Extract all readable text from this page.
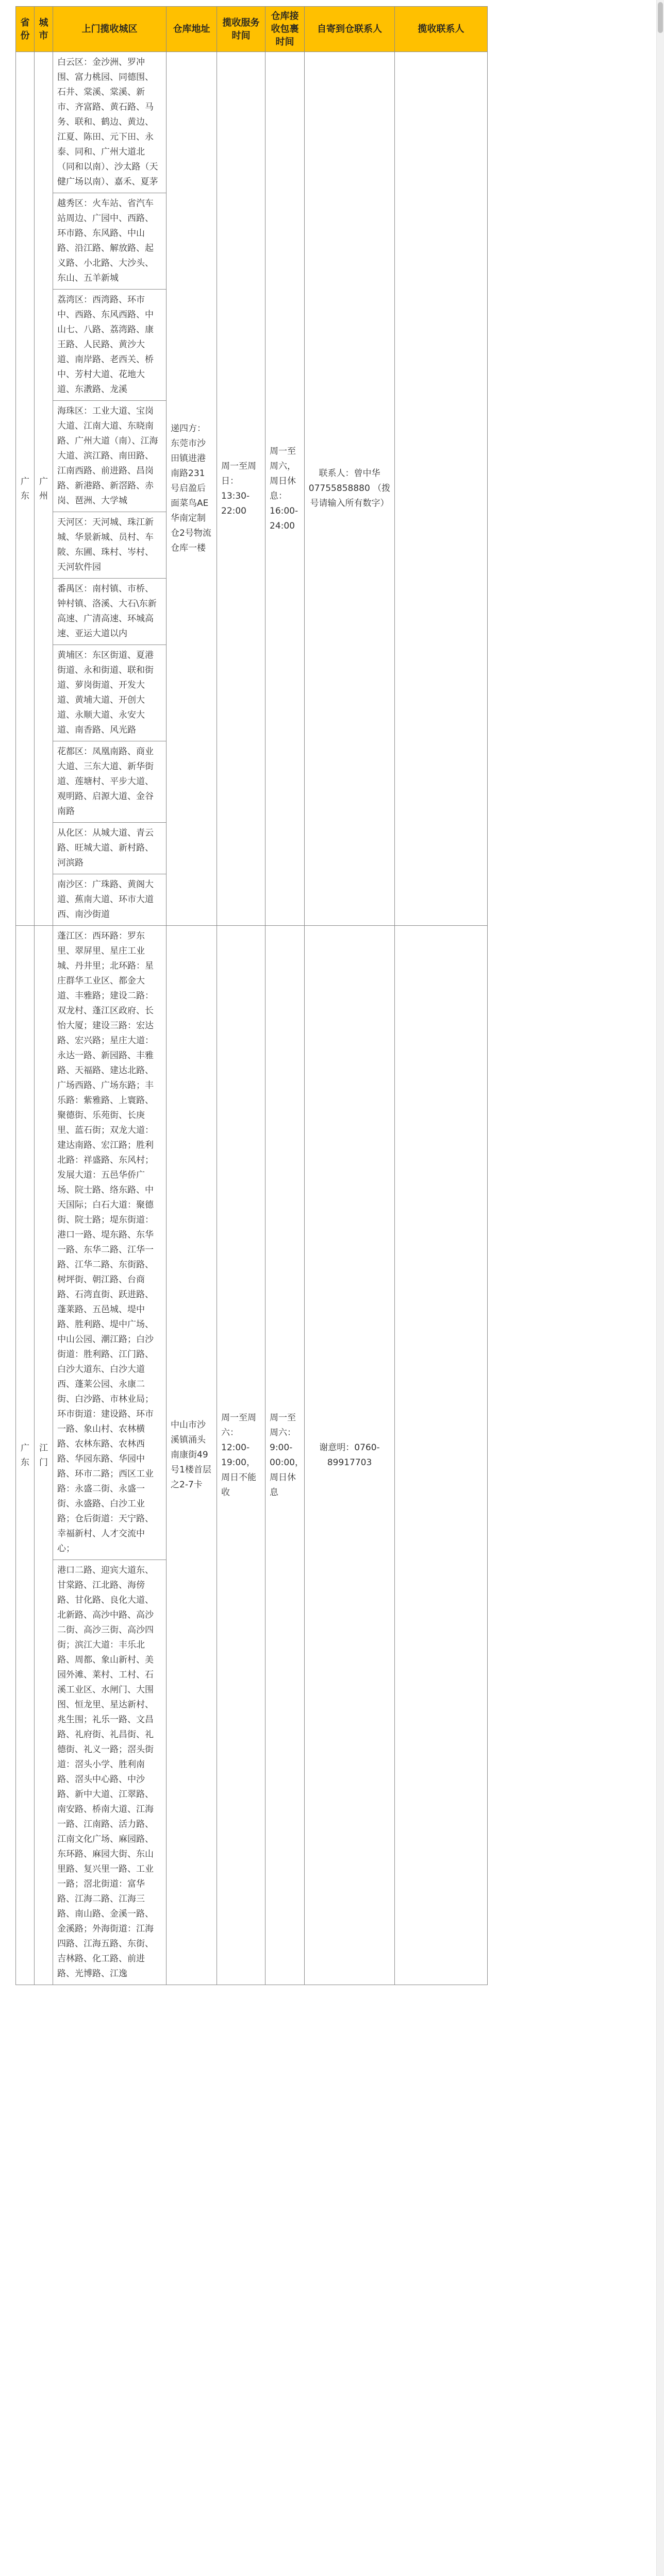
省份	城市	上门揽收城区	仓库地址	揽收服务时间	仓库接收包裹时间	自寄到仓联系人	揽收联系人
广东	广州	
白云区：金沙洲、罗冲围、富力桃园、同德围、石井、棠溪、棠溪、新市、齐富路、黄石路、马务、联和、鹤边、黄边、江夏、陈田、元下田、永泰、同和、广州大道北（同和以南）、沙太路（天健广场以南）、嘉禾、夏茅
越秀区：火车站、省汽车站周边、广园中、西路、环市路、东风路、中山路、沿江路、解放路、起义路、小北路、大沙头、东山、五羊新城
荔湾区：西湾路、环市中、西路、东风西路、中山七、八路、荔湾路、康王路、人民路、黄沙大道、南岸路、老西关、桥中、芳村大道、花地大道、东漖路、龙溪
海珠区：工业大道、宝岗大道、江南大道、东晓南路、广州大道（南）、江海大道、滨江路、南田路、江南西路、前进路、昌岗路、新港路、新滘路、赤岗、琶洲、大学城
天河区：天河城、珠江新城、华景新城、员村、车陂、东圃、珠村、岑村、天河软件园
番禺区：南村镇、市桥、钟村镇、洛溪、大石\东新高速、广清高速、环城高速、亚运大道以内
黄埔区：东区街道、夏港街道、永和街道、联和街道、萝岗街道、开发大道、黄埔大道、开创大道、永顺大道、永安大道、南香路、风光路
花都区：凤凰南路、商业大道、三东大道、新华街道、莲塘村、平步大道、观明路、启源大道、金谷南路
从化区：从城大道、青云路、旺城大道、新村路、河滨路
南沙区：广珠路、黄阁大道、蕉南大道、环市大道西、南沙街道
	递四方：东莞市沙田镇进港南路231号启盈后面菜鸟AE华南定制仓2号物流仓库一楼	周一至周日：13:30-22:00	周一至周六，周日休息：16:00-24:00	联系人：曾中华 07755858880 （拨号请输入所有数字）	
广东	江门	
蓬江区：西环路：罗东里、翠屏里、星庄工业城、丹井里；北环路：星庄群华工业区、都金大道、丰雅路；建设二路：双龙村、蓬江区政府、长怡大厦；建设三路：宏达路、宏兴路；星庄大道：永达一路、新园路、丰雅路、天福路、建达北路、广场西路、广场东路；丰乐路：紫雅路、上寰路、聚德街、乐苑街、长庚里、蓝石街；双龙大道：建达南路、宏江路；胜利北路：祥盛路、东风村；发展大道：五邑华侨广场、院士路、络东路、中天国际；白石大道：聚德街、院士路；堤东街道：港口一路、堤东路、东华一路、东华二路、江华一路、江华二路、东街路、树坪街、朝江路、台商路、石湾直街、跃进路、蓬莱路、五邑城、堤中路、胜利路、堤中广场、中山公园、潮江路；白沙街道：胜利路、江门路、白沙大道东、白沙大道西、蓬莱公园、永康二街、白沙路、市林业局；环市街道：建设路、环市一路、象山村、农林横路、农林东路、农林西路、华园东路、华园中路、环市二路；西区工业路：永盛二街、永盛一街、永盛路、白沙工业路；仓后街道：天宁路、幸福新村、人才交流中心；
港口二路、迎宾大道东、甘棠路、江北路、海傍路、甘化路、良化大道、北新路、高沙中路、高沙二街、高沙三街、高沙四街；滨江大道：丰乐北路、周都、象山新村、美园外滩、莱村、工村、石溪工业区、水闸门、大围图、恒龙里、星达新村、兆生围；礼乐一路、文昌路、礼府街、礼昌街、礼德街、礼义一路；滘头街道：滘头小学、胜利南路、滘头中心路、中沙路、新中大道、江翠路、南安路、桥南大道、江海一路、江南路、活力路、江南文化广场、麻园路、东环路、麻园大街、东山里路、复兴里一路、工业一路；滘北街道：富华路、江海二路、江海三路、南山路、金溪一路、金溪路；外海街道：江海四路、江海五路、东街、吉林路、化工路、前进路、光博路、江逸
	中山市沙溪镇涌头南康街49号1楼首层之2-7卡	周一至周六：12:00-19:00，周日不能收	周一至周六：9:00-00:00，周日休息	谢意明：0760-89917703	
